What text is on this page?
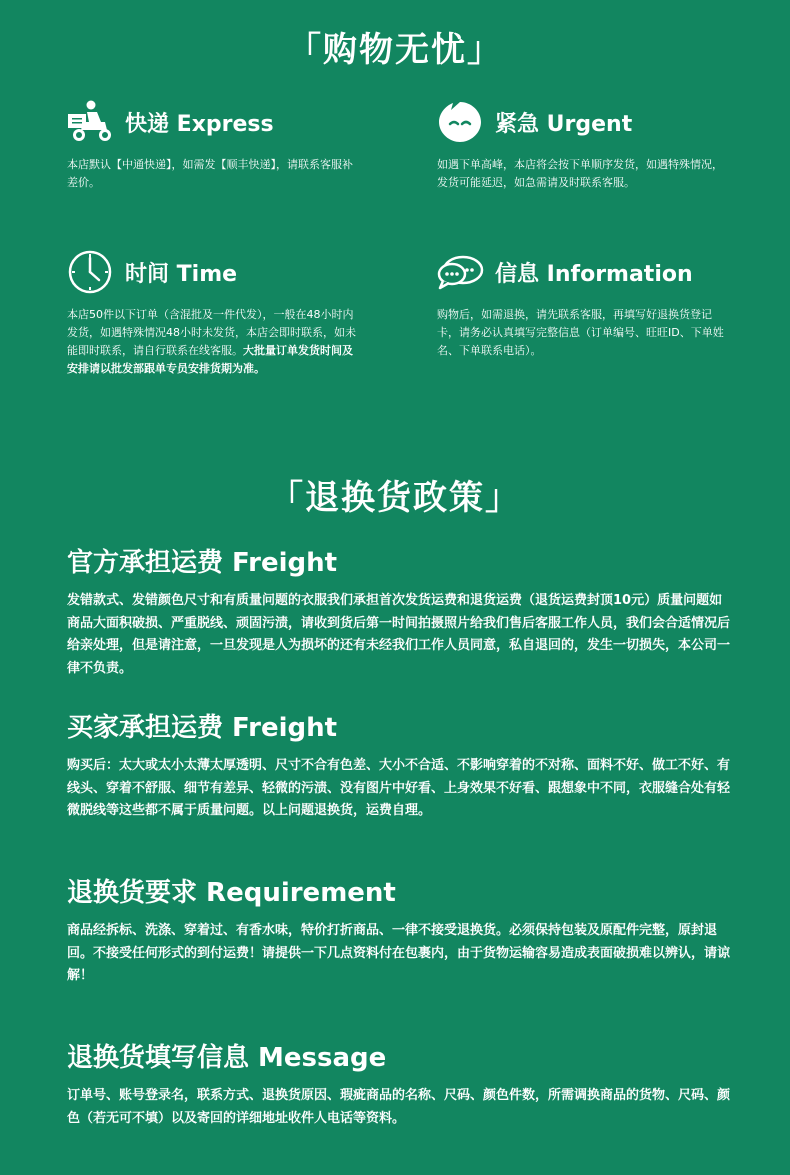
「购物无忧」
快递 Express
本店默认【中通快递】，如需发【顺丰快递】，请联系客服补差价。
紧急 Urgent
如遇下单高峰，本店将会按下单顺序发货，如遇特殊情况，发货可能延迟，如急需请及时联系客服。
时间 Time
本店50件以下订单（含混批及一件代发），一般在48小时内发货，如遇特殊情况48小时未发货，本店会即时联系，如未能即时联系，请自行联系在线客服。大批量订单发货时间及安排请以批发部跟单专员安排货期为准。
信息 Information
购物后，如需退换，请先联系客服，再填写好退换货登记卡，请务必认真填写完整信息（订单编号、旺旺ID、下单姓名、下单联系电话）。
「退换货政策」
官方承担运费 Freight
发错款式、发错颜色尺寸和有质量问题的衣服我们承担首次发货运费和退货运费（退货运费封顶10元）质量问题如商品大面积破损、严重脱线、顽固污渍，请收到货后第一时间拍摄照片给我们售后客服工作人员，我们会合适情况后给亲处理，但是请注意，一旦发现是人为损坏的还有未经我们工作人员同意，私自退回的，发生一切损失，本公司一律不负责。
买家承担运费 Freight
购买后：太大或太小太薄太厚透明、尺寸不合有色差、大小不合适、不影响穿着的不对称、面料不好、做工不好、有线头、穿着不舒服、细节有差异、轻微的污渍、没有图片中好看、上身效果不好看、跟想象中不同，衣服缝合处有轻微脱线等这些都不属于质量问题。以上问题退换货，运费自理。
退换货要求 Requirement
商品经拆标、洗涤、穿着过、有香水味，特价打折商品、一律不接受退换货。必须保持包装及原配件完整，原封退回。不接受任何形式的到付运费！请提供一下几点资料付在包裹内，由于货物运输容易造成表面破损难以辨认，请谅解！
退换货填写信息 Message
订单号、账号登录名，联系方式、退换货原因、瑕疵商品的名称、尺码、颜色件数，所需调换商品的货物、尺码、颜色（若无可不填）以及寄回的详细地址收件人电话等资料。
